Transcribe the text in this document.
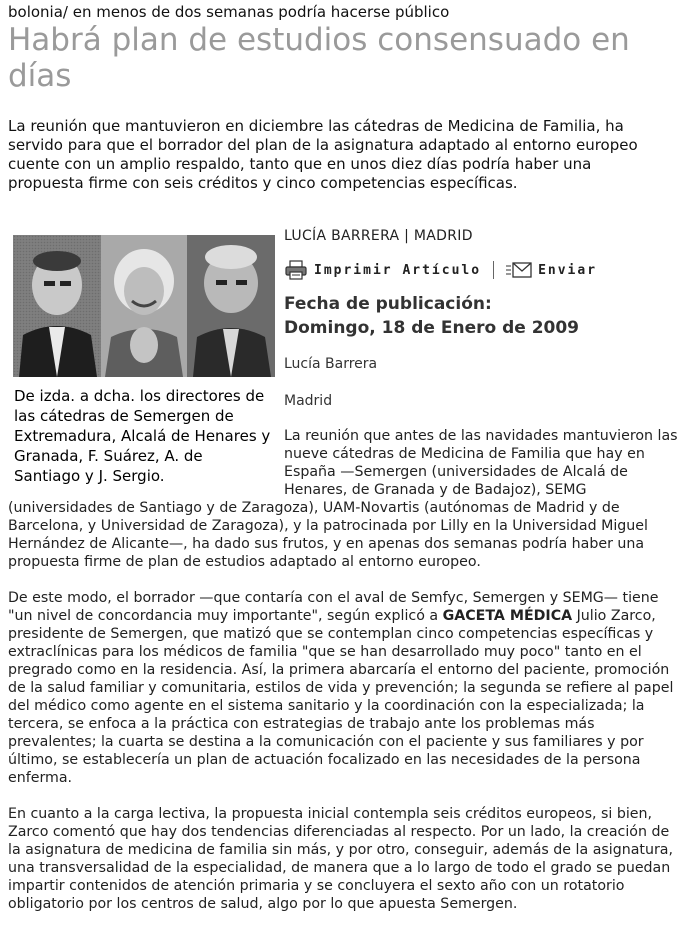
bolonia/ en menos de dos semanas podría hacerse público
Habrá plan de estudios consensuado en días

La reunión que mantuvieron en diciembre las cátedras de Medicina de Familia, ha servido para que el borrador del plan de la asignatura adaptado al entorno europeo cuente con un amplio respaldo, tanto que en unos diez días podría haber una propuesta firme con seis créditos y cinco competencias específicas.

De izda. a dcha. los directores de las cátedras de Semergen de Extremadura, Alcalá de Henares y Granada, F. Suárez, A. de Santiago y J. Sergio.

LUCÍA BARRERA | MADRID
Imprimir Artículo	Enviar
Fecha de publicación:
Domingo, 18 de Enero de 2009
Lucía Barrera
Madrid

La reunión que antes de las navidades mantuvieron las nueve cátedras de Medicina de Familia que hay en España —Semergen (universidades de Alcalá de Henares, de Granada y de Badajoz), SEMG (universidades de Santiago y de Zaragoza), UAM-Novartis (autónomas de Madrid y de Barcelona, y Universidad de Zaragoza), y la patrocinada por Lilly en la Universidad Miguel Hernández de Alicante—, ha dado sus frutos, y en apenas dos semanas podría haber una propuesta firme de plan de estudios adaptado al entorno europeo.

De este modo, el borrador —que contaría con el aval de Semfyc, Semergen y SEMG— tiene "un nivel de concordancia muy importante", según explicó a GACETA MÉDICA Julio Zarco, presidente de Semergen, que matizó que se contemplan cinco competencias específicas y extraclínicas para los médicos de familia "que se han desarrollado muy poco" tanto en el pregrado como en la residencia. Así, la primera abarcaría el entorno del paciente, promoción de la salud familiar y comunitaria, estilos de vida y prevención; la segunda se refiere al papel del médico como agente en el sistema sanitario y la coordinación con la especializada; la tercera, se enfoca a la práctica con estrategias de trabajo ante los problemas más prevalentes; la cuarta se destina a la comunicación con el paciente y sus familiares y por último, se establecería un plan de actuación focalizado en las necesidades de la persona enferma.

En cuanto a la carga lectiva, la propuesta inicial contempla seis créditos europeos, si bien, Zarco comentó que hay dos tendencias diferenciadas al respecto. Por un lado, la creación de la asignatura de medicina de familia sin más, y por otro, conseguir, además de la asignatura, una transversalidad de la especialidad, de manera que a lo largo de todo el grado se puedan impartir contenidos de atención primaria y se concluyera el sexto año con un rotatorio obligatorio por los centros de salud, algo por lo que apuesta Semergen.
